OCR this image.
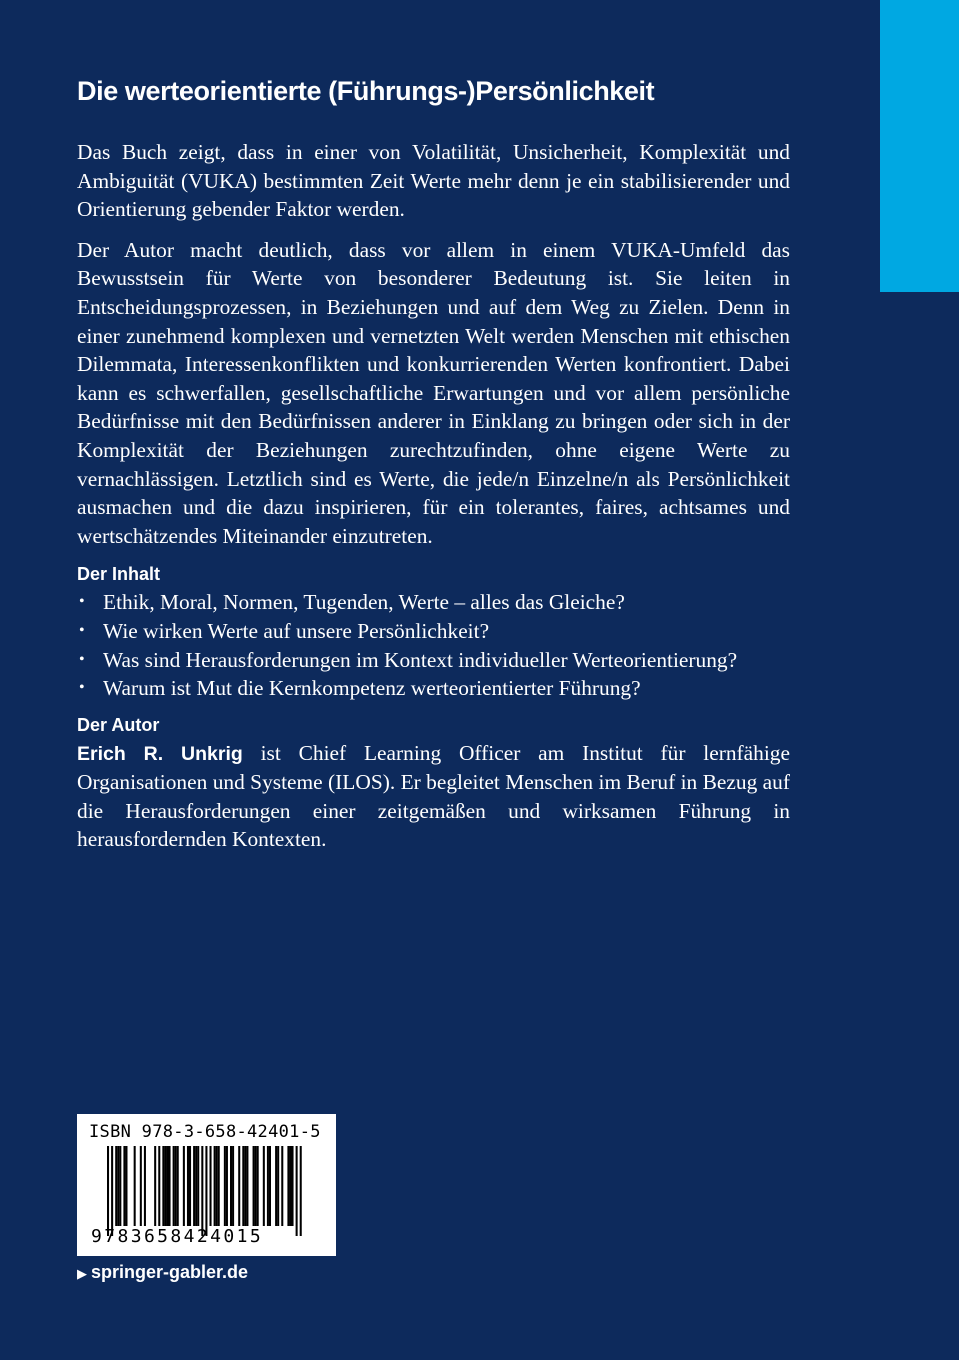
Die werteorientierte (Führungs-)Persönlichkeit

Das Buch zeigt, dass in einer von Volatilität, Unsicherheit, Komplexität und Ambiguität (VUKA) bestimmten Zeit Werte mehr denn je ein stabilisierender und Orientierung gebender Faktor werden.

Der Autor macht deutlich, dass vor allem in einem VUKA-Umfeld das Bewusstsein für Werte von besonderer Bedeutung ist. Sie leiten in Entscheidungsprozessen, in Beziehungen und auf dem Weg zu Zielen. Denn in einer zunehmend komplexen und vernetzten Welt werden Menschen mit ethischen Dilemmata, Interessenkonflikten und konkurrierenden Werten konfrontiert. Dabei kann es schwerfallen, gesellschaftliche Erwartungen und vor allem persönliche Bedürfnisse mit den Bedürfnissen anderer in Einklang zu bringen oder sich in der Komplexität der Beziehungen zurechtzufinden, ohne eigene Werte zu vernachlässigen. Letztlich sind es Werte, die jede/n Einzelne/n als Persönlichkeit ausmachen und die dazu inspirieren, für ein tolerantes, faires, achtsames und wertschätzendes Miteinander einzutreten.

Der Inhalt
• Ethik, Moral, Normen, Tugenden, Werte – alles das Gleiche?
• Wie wirken Werte auf unsere Persönlichkeit?
• Was sind Herausforderungen im Kontext individueller Werteorientierung?
• Warum ist Mut die Kernkompetenz werteorientierter Führung?
Der Autor

Erich R. Unkrig ist Chief Learning Officer am Institut für lernfähige Organisationen und Systeme (ILOS). Er begleitet Menschen im Beruf in Bezug auf die Herausforderungen einer zeitgemäßen und wirksamen Führung in herausfordernden Kontexten.

ISBN 978-3-658-42401-5
9783658424015
▶ springer-gabler.de
